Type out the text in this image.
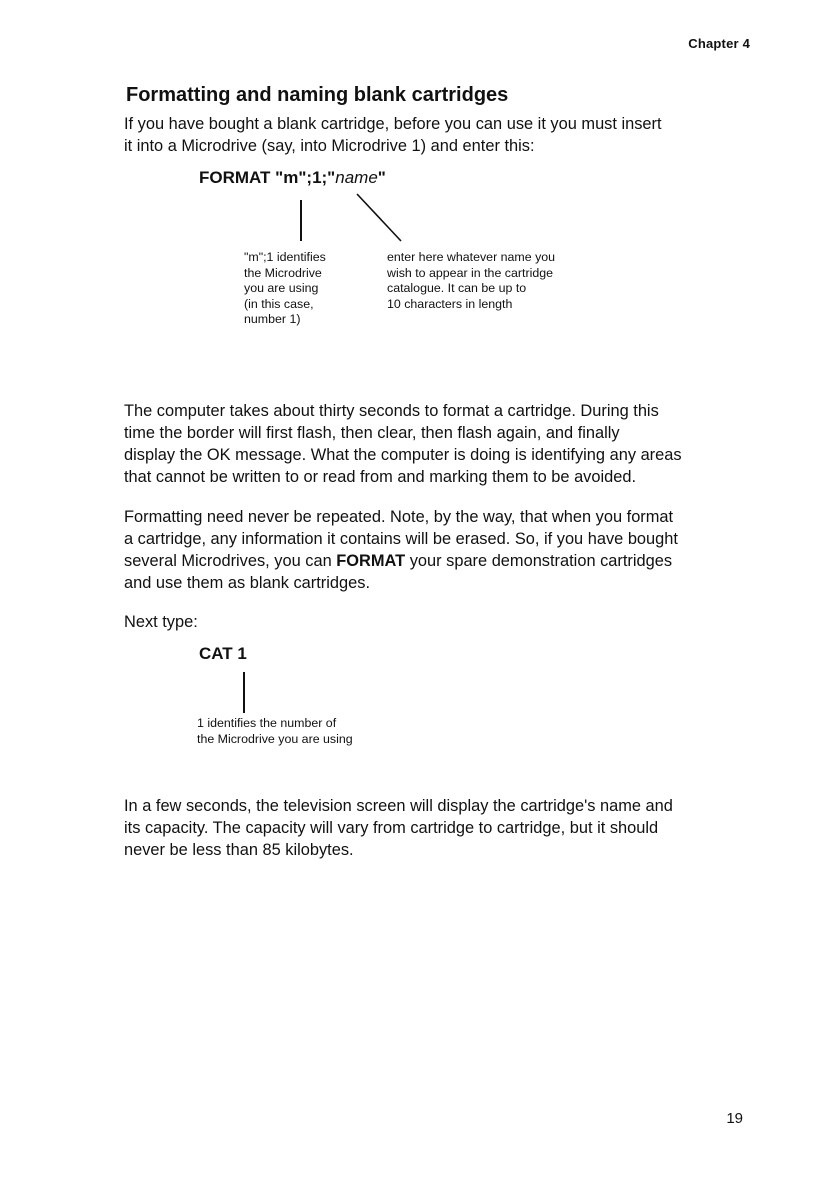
Chapter 4
Formatting and naming blank cartridges

If you have bought a blank cartridge, before you can use it you must insert
it into a Microdrive (say, into Microdrive 1) and enter this:

FORMAT "m";1;"name"

"m";1 identifies
the Microdrive
you are using
(in this case,
number 1)

enter here whatever name you
wish to appear in the cartridge
catalogue. It can be up to
10 characters in length

The computer takes about thirty seconds to format a cartridge. During this
time the border will first flash, then clear, then flash again, and finally
display the OK message. What the computer is doing is identifying any areas
that cannot be written to or read from and marking them to be avoided.

Formatting need never be repeated. Note, by the way, that when you format
a cartridge, any information it contains will be erased. So, if you have bought
several Microdrives, you can FORMAT your spare demonstration cartridges
and use them as blank cartridges.

Next type:

CAT 1

1 identifies the number of
the Microdrive you are using

In a few seconds, the television screen will display the cartridge's name and
its capacity. The capacity will vary from cartridge to cartridge, but it should
never be less than 85 kilobytes.

19
